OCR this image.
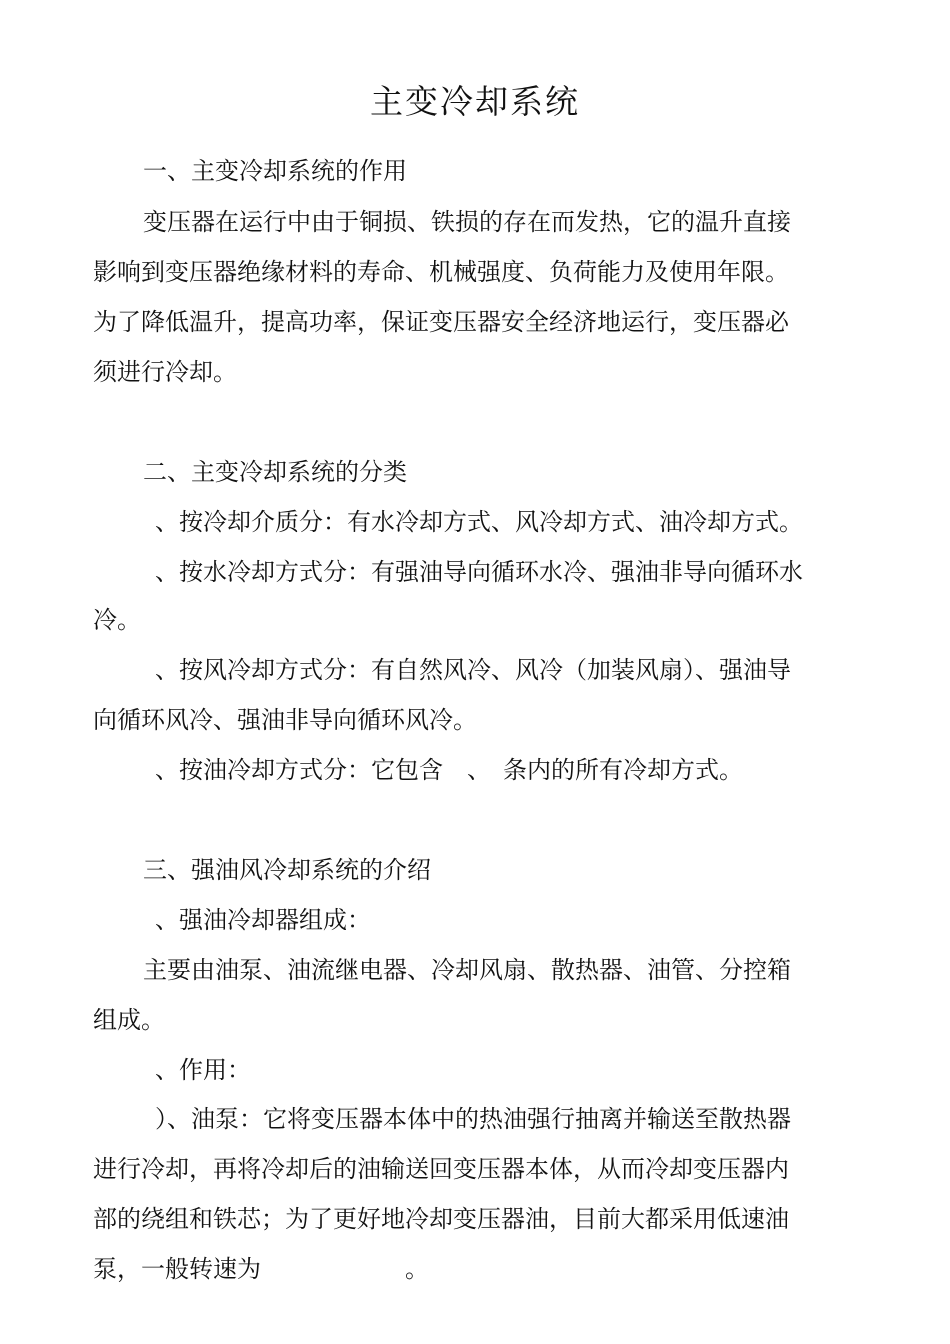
主变冷却系统
一、主变冷却系统的作用
变压器在运行中由于铜损、铁损的存在而发热，它的温升直接
影响到变压器绝缘材料的寿命、机械强度、负荷能力及使用年限。
为了降低温升，提高功率，保证变压器安全经济地运行，变压器必
须进行冷却。
二、主变冷却系统的分类
、按冷却介质分：有水冷却方式、风冷却方式、油冷却方式。
、按水冷却方式分：有强油导向循环水冷、强油非导向循环水
冷。
、按风冷却方式分：有自然风冷、风冷（加装风扇）、强油导
向循环风冷、强油非导向循环风冷。
、按油冷却方式分：它包含　、　条内的所有冷却方式。
三、强油风冷却系统的介绍
、强油冷却器组成：
主要由油泵、油流继电器、冷却风扇、散热器、油管、分控箱
组成。
、作用：
）、油泵：它将变压器本体中的热油强行抽离并输送至散热器
进行冷却，再将冷却后的油输送回变压器本体，从而冷却变压器内
部的绕组和铁芯；为了更好地冷却变压器油，目前大都采用低速油
泵，一般转速为　　　　　　。
